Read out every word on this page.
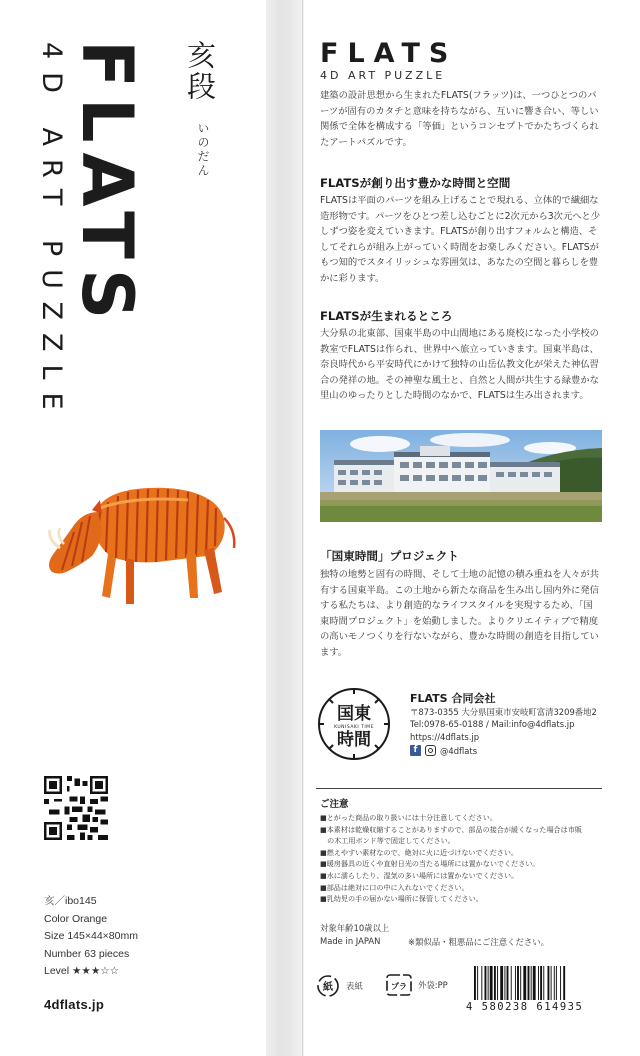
FLATS
4D ART PUZZLE	亥段
いのだん
亥／ibo145
Color Orange
Size 145×44×80mm
Number 63 pieces
Level ★★★☆☆
4dflats.jp
FLATS
4D ART PUZZLE
建築の設計思想から生まれたFLATS(フラッツ)は、一つひとつのパーツが固有のカタチと意味を持ちながら、互いに響き合い、等しい関係で全体を構成する「等価」というコンセプトでかたちづくられたアートパズルです。
FLATSが創り出す豊かな時間と空間
FLATSは平面のパーツを組み上げることで現れる、立体的で繊細な造形物です。パーツをひとつ差し込むごとに2次元から3次元へと少しずつ姿を変えていきます。FLATSが創り出すフォルムと構造、そしてそれらが組み上がっていく時間をお楽しみください。FLATSがもつ知的でスタイリッシュな雰囲気は、あなたの空間と暮らしを豊かに彩ります。
FLATSが生まれるところ
大分県の北東部、国東半島の中山間地にある廃校になった小学校の教室でFLATSは作られ、世界中へ旅立っていきます。国東半島は、奈良時代から平安時代にかけて独特の山岳仏教文化が栄えた神仏習合の発祥の地。その神聖な風土と、自然と人間が共生する緑豊かな里山のゆったりとした時間のなかで、FLATSは生み出されます。
「国東時間」プロジェクト
独特の地勢と固有の時間、そして土地の記憶の積み重ねを人々が共有する国東半島。この土地から新たな商品を生み出し国内外に発信する私たちは、より創造的なライフスタイルを実現するため、「国東時間プロジェクト」を始動しました。よりクリエイティブで精度の高いモノつくりを行ないながら、豊かな時間の創造を目指しています。
国東
KUNISAKI TIME
時間
FLATS 合同会社
〒873-0355 大分県国東市安岐町富清3209番地2
Tel:0978-65-0188 / Mail:info@4dflats.jp
https://4dflats.jp
f	@4dflats
ご注意
■とがった商品の取り扱いには十分注意してください。
■本素材は乾燥収縮することがありますので、部品の接合が緩くなった場合は市販
　の木工用ボンド等で固定してください。
■燃えやすい素材なので、絶対に火に近づけないでください。
■暖房器具の近くや直射日光の当たる場所には置かないでください。
■水に濡らしたり、湿気の多い場所には置かないでください。
■部品は絶対に口の中に入れないでください。
■乳幼児の手の届かない場所に保管してください。
対象年齢10歳以上
Made in JAPAN	※類似品・粗悪品にご注意ください。
紙 表紙	プラ 外袋:PP
4 580238 614935
